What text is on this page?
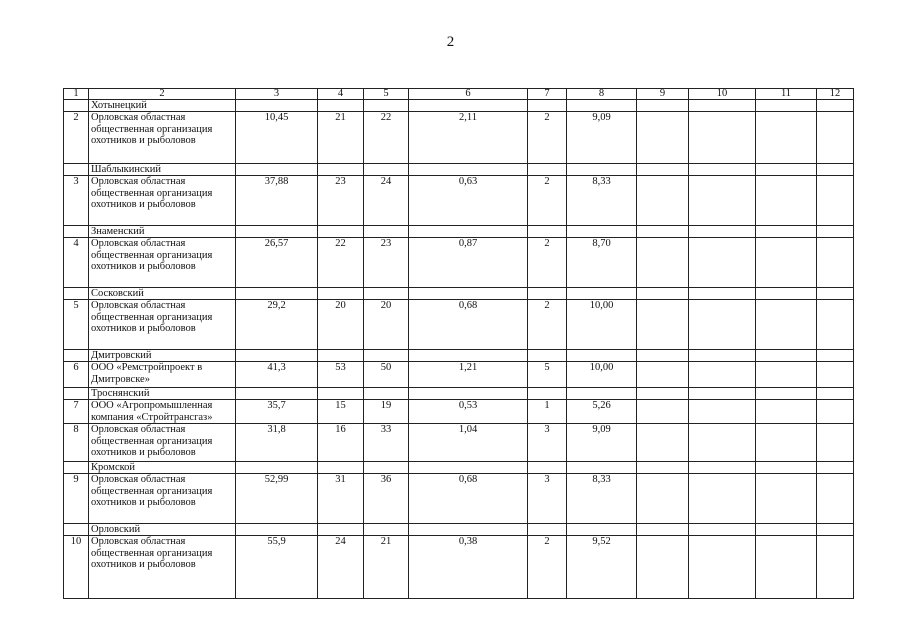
2
1	2	3	4	5	6	7	8	9	10	11	12
	Хотынецкий										
2	Орловская областная
общественная организация
охотников и рыболовов	10,45	21	22	2,11	2	9,09				
	Шаблыкинский										
3	Орловская областная
общественная организация
охотников и рыболовов	37,88	23	24	0,63	2	8,33				
	Знаменский										
4	Орловская областная
общественная организация
охотников и рыболовов	26,57	22	23	0,87	2	8,70				
	Сосковский										
5	Орловская областная
общественная организация
охотников и рыболовов	29,2	20	20	0,68	2	10,00				
	Дмитровский										
6	ООО «Ремстройпроект в
Дмитровске»	41,3	53	50	1,21	5	10,00				
	Троснянский										
7	ООО «Агропромышленная
компания «Стройтрансгаз»	35,7	15	19	0,53	1	5,26				
8	Орловская областная
общественная организация
охотников и рыболовов	31,8	16	33	1,04	3	9,09				
	Кромской										
9	Орловская областная
общественная организация
охотников и рыболовов	52,99	31	36	0,68	3	8,33				
	Орловский										
10	Орловская областная
общественная организация
охотников и рыболовов	55,9	24	21	0,38	2	9,52				
